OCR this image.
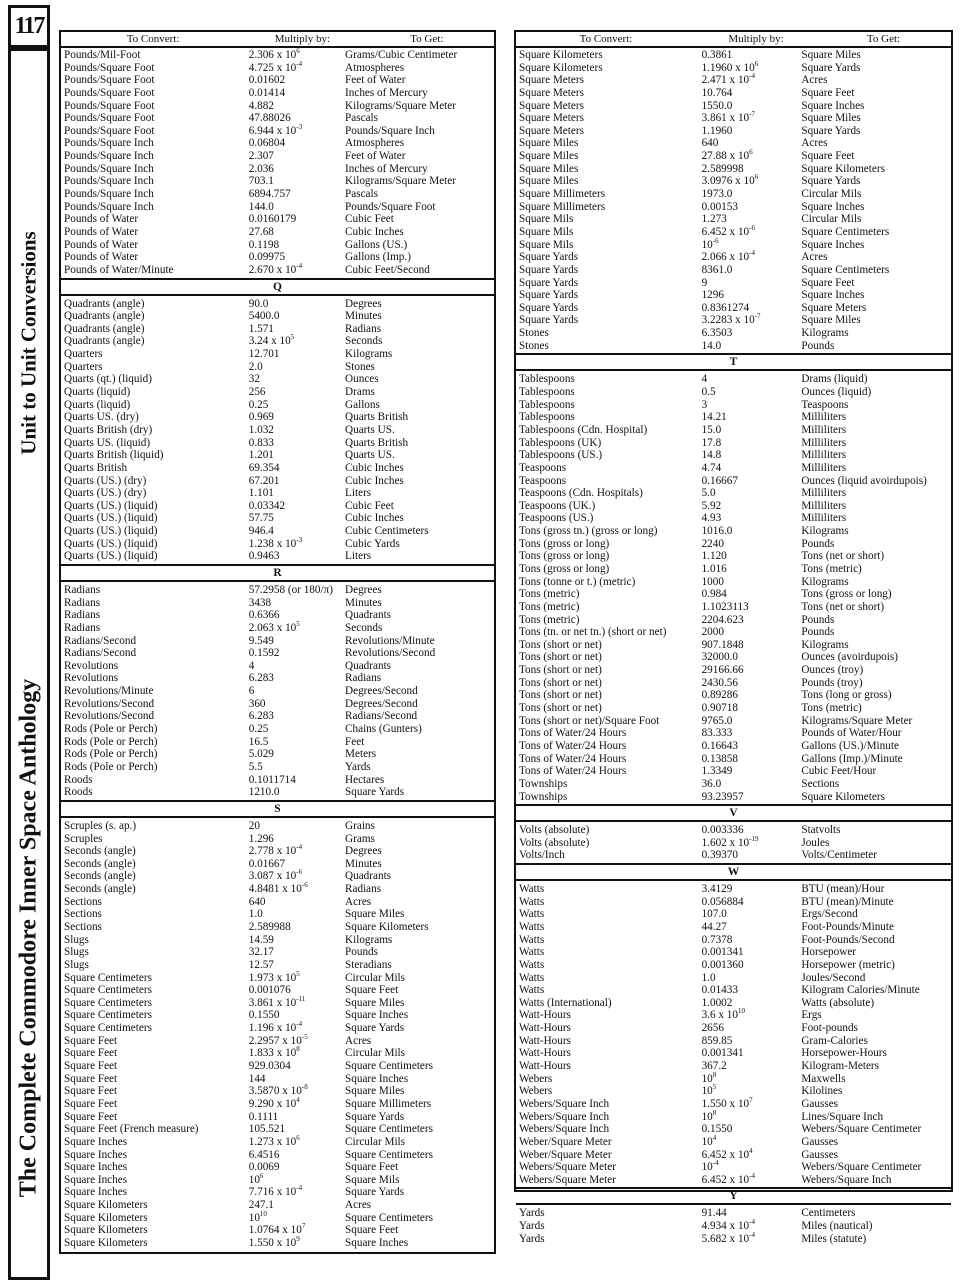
117
Unit to Unit Conversions
The Complete Commodore Inner Space Anthology
To Convert:	Multiply by:	To Get:
Pounds/Mil-Foot	2.306 x $10^6$	Grams/Cubic Centimeter
Pounds/Square Foot	4.725 x $10^{-4}$	Atmospheres
Pounds/Square Foot	0.01602	Feet of Water
Pounds/Square Foot	0.01414	Inches of Mercury
Pounds/Square Foot	4.882	Kilograms/Square Meter
Pounds/Square Foot	47.88026	Pascals
Pounds/Square Foot	6.944 x $10^{-3}$	Pounds/Square Inch
Pounds/Square Inch	0.06804	Atmospheres
Pounds/Square Inch	2.307	Feet of Water
Pounds/Square Inch	2.036	Inches of Mercury
Pounds/Square Inch	703.1	Kilograms/Square Meter
Pounds/Square Inch	6894.757	Pascals
Pounds/Square Inch	144.0	Pounds/Square Foot
Pounds of Water	0.0160179	Cubic Feet
Pounds of Water	27.68	Cubic Inches
Pounds of Water	0.1198	Gallons (US.)
Pounds of Water	0.09975	Gallons (Imp.)
Pounds of Water/Minute	2.670 x $10^{-4}$	Cubic Feet/Second
Q
Quadrants (angle)	90.0	Degrees
Quadrants (angle)	5400.0	Minutes
Quadrants (angle)	1.571	Radians
Quadrants (angle)	3.24 x $10^5$	Seconds
Quarters	12.701	Kilograms
Quarters	2.0	Stones
Quarts (qt.) (liquid)	32	Ounces
Quarts (liquid)	256	Drams
Quarts (liquid)	0.25	Gallons
Quarts US. (dry)	0.969	Quarts British
Quarts British (dry)	1.032	Quarts US.
Quarts US. (liquid)	0.833	Quarts British
Quarts British (liquid)	1.201	Quarts US.
Quarts British	69.354	Cubic Inches
Quarts (US.) (dry)	67.201	Cubic Inches
Quarts (US.) (dry)	1.101	Liters
Quarts (US.) (liquid)	0.03342	Cubic Feet
Quarts (US.) (liquid)	57.75	Cubic Inches
Quarts (US.) (liquid)	946.4	Cubic Centimeters
Quarts (US.) (liquid)	1.238 x $10^{-3}$	Cubic Yards
Quarts (US.) (liquid)	0.9463	Liters
R
Radians	57.2958 (or 180/π)	Degrees
Radians	3438	Minutes
Radians	0.6366	Quadrants
Radians	2.063 x $10^5$	Seconds
Radians/Second	9.549	Revolutions/Minute
Radians/Second	0.1592	Revolutions/Second
Revolutions	4	Quadrants
Revolutions	6.283	Radians
Revolutions/Minute	6	Degrees/Second
Revolutions/Second	360	Degrees/Second
Revolutions/Second	6.283	Radians/Second
Rods (Pole or Perch)	0.25	Chains (Gunters)
Rods (Pole or Perch)	16.5	Feet
Rods (Pole or Perch)	5.029	Meters
Rods (Pole or Perch)	5.5	Yards
Roods	0.1011714	Hectares
Roods	1210.0	Square Yards
S
Scruples (s. ap.)	20	Grains
Scruples	1.296	Grams
Seconds (angle)	2.778 x $10^{-4}$	Degrees
Seconds (angle)	0.01667	Minutes
Seconds (angle)	3.087 x $10^{-6}$	Quadrants
Seconds (angle)	4.8481 x $10^{-6}$	Radians
Sections	640	Acres
Sections	1.0	Square Miles
Sections	2.589988	Square Kilometers
Slugs	14.59	Kilograms
Slugs	32.17	Pounds
Slugs	12.57	Steradians
Square Centimeters	1.973 x $10^5$	Circular Mils
Square Centimeters	0.001076	Square Feet
Square Centimeters	3.861 x $10^{-11}$	Square Miles
Square Centimeters	0.1550	Square Inches
Square Centimeters	1.196 x $10^{-4}$	Square Yards
Square Feet	2.2957 x $10^{-5}$	Acres
Square Feet	1.833 x $10^8$	Circular Mils
Square Feet	929.0304	Square Centimeters
Square Feet	144	Square Inches
Square Feet	3.5870 x $10^{-8}$	Square Miles
Square Feet	9.290 x $10^4$	Square Millimeters
Square Feet	0.1111	Square Yards
Square Feet (French measure)	105.521	Square Centimeters
Square Inches	1.273 x $10^6$	Circular Mils
Square Inches	6.4516	Square Centimeters
Square Inches	0.0069	Square Feet
Square Inches	$10^6$	Square Mils
Square Inches	7.716 x $10^{-4}$	Square Yards
Square Kilometers	247.1	Acres
Square Kilometers	$10^{10}$	Square Centimeters
Square Kilometers	1.0764 x $10^7$	Square Feet
Square Kilometers	1.550 x $10^9$	Square Inches
To Convert:	Multiply by:	To Get:
Square Kilometers	0.3861	Square Miles
Square Kilometers	1.1960 x $10^6$	Square Yards
Square Meters	2.471 x $10^{-4}$	Acres
Square Meters	10.764	Square Feet
Square Meters	1550.0	Square Inches
Square Meters	3.861 x $10^{-7}$	Square Miles
Square Meters	1.1960	Square Yards
Square Miles	640	Acres
Square Miles	27.88 x $10^6$	Square Feet
Square Miles	2.589998	Square Kilometers
Square Miles	3.0976 x $10^6$	Square Yards
Square Millimeters	1973.0	Circular Mils
Square Millimeters	0.00153	Square Inches
Square Mils	1.273	Circular Mils
Square Mils	6.452 x $10^{-6}$	Square Centimeters
Square Mils	$10^{-6}$	Square Inches
Square Yards	2.066 x $10^{-4}$	Acres
Square Yards	8361.0	Square Centimeters
Square Yards	9	Square Feet
Square Yards	1296	Square Inches
Square Yards	0.8361274	Square Meters
Square Yards	3.2283 x $10^{-7}$	Square Miles
Stones	6.3503	Kilograms
Stones	14.0	Pounds
T
Tablespoons	4	Drams (liquid)
Tablespoons	0.5	Ounces (liquid)
Tablespoons	3	Teaspoons
Tablespoons	14.21	Milliliters
Tablespoons (Cdn. Hospital)	15.0	Milliliters
Tablespoons (UK)	17.8	Milliliters
Tablespoons (US.)	14.8	Milliliters
Teaspoons	4.74	Milliliters
Teaspoons	0.16667	Ounces (liquid avoirdupois)
Teaspoons (Cdn. Hospitals)	5.0	Milliliters
Teaspoons (UK.)	5.92	Milliliters
Teaspoons (US.)	4.93	Milliliters
Tons (gross tn.) (gross or long)	1016.0	Kilograms
Tons (gross or long)	2240	Pounds
Tons (gross or long)	1.120	Tons (net or short)
Tons (gross or long)	1.016	Tons (metric)
Tons (tonne or t.) (metric)	1000	Kilograms
Tons (metric)	0.984	Tons (gross or long)
Tons (metric)	1.1023113	Tons (net or short)
Tons (metric)	2204.623	Pounds
Tons (tn. or net tn.) (short or net)	2000	Pounds
Tons (short or net)	907.1848	Kilograms
Tons (short or net)	32000.0	Ounces (avoirdupois)
Tons (short or net)	29166.66	Ounces (troy)
Tons (short or net)	2430.56	Pounds (troy)
Tons (short or net)	0.89286	Tons (long or gross)
Tons (short or net)	0.90718	Tons (metric)
Tons (short or net)/Square Foot	9765.0	Kilograms/Square Meter
Tons of Water/24 Hours	83.333	Pounds of Water/Hour
Tons of Water/24 Hours	0.16643	Gallons (US.)/Minute
Tons of Water/24 Hours	0.13858	Gallons (Imp.)/Minute
Tons of Water/24 Hours	1.3349	Cubic Feet/Hour
Townships	36.0	Sections
Townships	93.23957	Square Kilometers
V
Volts (absolute)	0.003336	Statvolts
Volts (absolute)	1.602 x $10^{-19}$	Joules
Volts/Inch	0.39370	Volts/Centimeter
W
Watts	3.4129	BTU (mean)/Hour
Watts	0.056884	BTU (mean)/Minute
Watts	107.0	Ergs/Second
Watts	44.27	Foot-Pounds/Minute
Watts	0.7378	Foot-Pounds/Second
Watts	0.001341	Horsepower
Watts	0.001360	Horsepower (metric)
Watts	1.0	Joules/Second
Watts	0.01433	Kilogram Calories/Minute
Watts (International)	1.0002	Watts (absolute)
Watt-Hours	3.6 x $10^{10}$	Ergs
Watt-Hours	2656	Foot-pounds
Watt-Hours	859.85	Gram-Calories
Watt-Hours	0.001341	Horsepower-Hours
Watt-Hours	367.2	Kilogram-Meters
Webers	$10^8$	Maxwells
Webers	$10^5$	Kilolines
Webers/Square Inch	1.550 x $10^7$	Gausses
Webers/Square Inch	$10^8$	Lines/Square Inch
Webers/Square Inch	0.1550	Webers/Square Centimeter
Weber/Square Meter	$10^4$	Gausses
Weber/Square Meter	6.452 x $10^4$	Gausses
Webers/Square Meter	$10^{-4}$	Webers/Square Centimeter
Webers/Square Meter	6.452 x $10^{-4}$	Webers/Square Inch
Y
Yards	91.44	Centimeters
Yards	4.934 x $10^{-4}$	Miles (nautical)
Yards	5.682 x $10^{-4}$	Miles (statute)
